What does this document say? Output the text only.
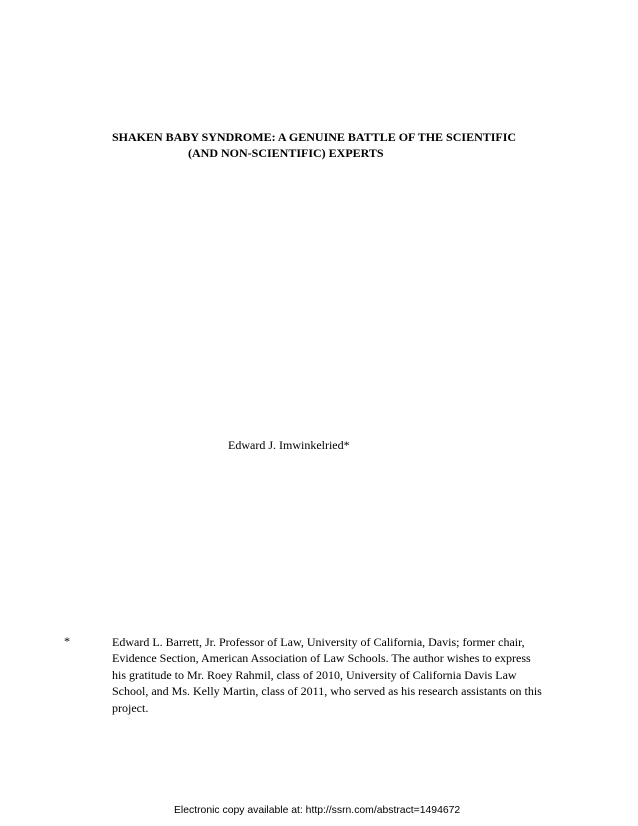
SHAKEN BABY SYNDROME: A GENUINE BATTLE OF THE SCIENTIFIC
(AND NON-SCIENTIFIC) EXPERTS
Edward J. Imwinkelried*
*	Edward L. Barrett, Jr. Professor of Law, University of California, Davis; former chair,
Evidence Section, American Association of Law Schools. The author wishes to express
his gratitude to Mr. Roey Rahmil, class of 2010, University of California Davis Law
School, and Ms. Kelly Martin, class of 2011, who served as his research assistants on this
project.
Electronic copy available at: http://ssrn.com/abstract=1494672
